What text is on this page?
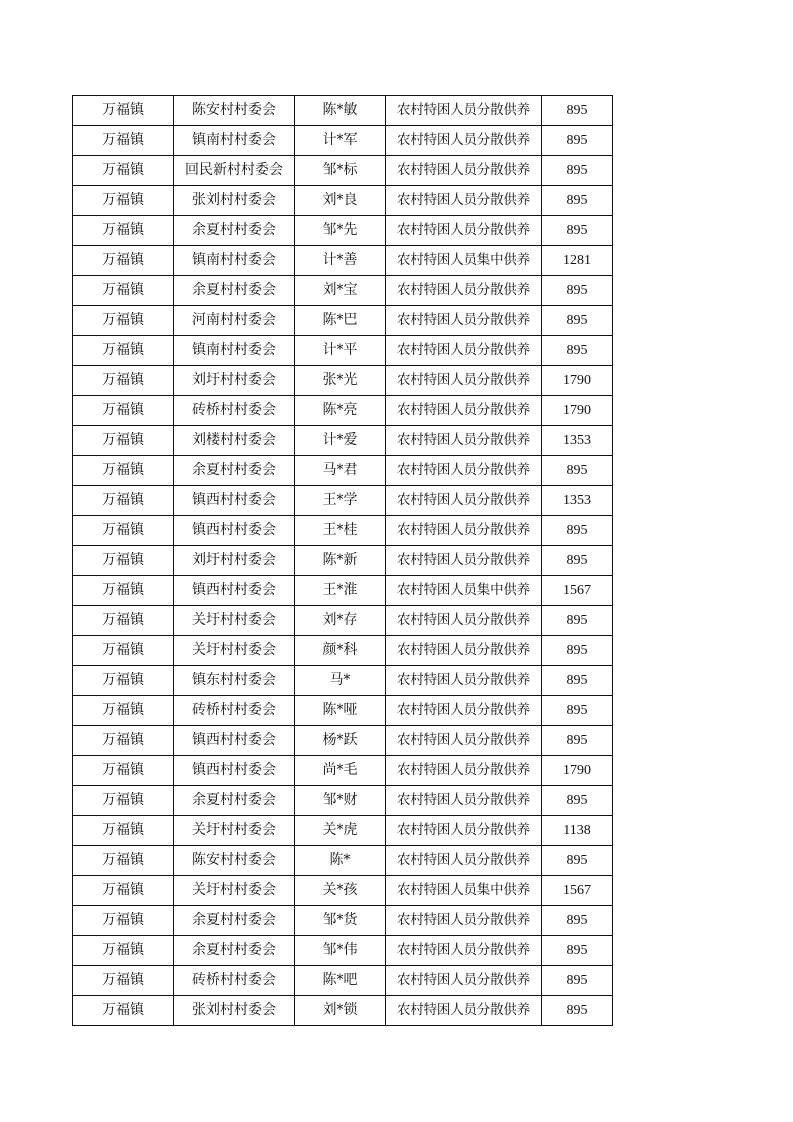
万福镇	陈安村村委会	陈*敏	农村特困人员分散供养	895
万福镇	镇南村村委会	计*军	农村特困人员分散供养	895
万福镇	回民新村村委会	邹*标	农村特困人员分散供养	895
万福镇	张刘村村委会	刘*良	农村特困人员分散供养	895
万福镇	余夏村村委会	邹*先	农村特困人员分散供养	895
万福镇	镇南村村委会	计*善	农村特困人员集中供养	1281
万福镇	余夏村村委会	刘*宝	农村特困人员分散供养	895
万福镇	河南村村委会	陈*巴	农村特困人员分散供养	895
万福镇	镇南村村委会	计*平	农村特困人员分散供养	895
万福镇	刘圩村村委会	张*光	农村特困人员分散供养	1790
万福镇	砖桥村村委会	陈*亮	农村特困人员分散供养	1790
万福镇	刘楼村村委会	计*爱	农村特困人员分散供养	1353
万福镇	余夏村村委会	马*君	农村特困人员分散供养	895
万福镇	镇西村村委会	王*学	农村特困人员分散供养	1353
万福镇	镇西村村委会	王*桂	农村特困人员分散供养	895
万福镇	刘圩村村委会	陈*新	农村特困人员分散供养	895
万福镇	镇西村村委会	王*淮	农村特困人员集中供养	1567
万福镇	关圩村村委会	刘*存	农村特困人员分散供养	895
万福镇	关圩村村委会	颜*科	农村特困人员分散供养	895
万福镇	镇东村村委会	马*	农村特困人员分散供养	895
万福镇	砖桥村村委会	陈*哑	农村特困人员分散供养	895
万福镇	镇西村村委会	杨*跃	农村特困人员分散供养	895
万福镇	镇西村村委会	尚*毛	农村特困人员分散供养	1790
万福镇	余夏村村委会	邹*财	农村特困人员分散供养	895
万福镇	关圩村村委会	关*虎	农村特困人员分散供养	1138
万福镇	陈安村村委会	陈*	农村特困人员分散供养	895
万福镇	关圩村村委会	关*孩	农村特困人员集中供养	1567
万福镇	余夏村村委会	邹*货	农村特困人员分散供养	895
万福镇	余夏村村委会	邹*伟	农村特困人员分散供养	895
万福镇	砖桥村村委会	陈*吧	农村特困人员分散供养	895
万福镇	张刘村村委会	刘*锁	农村特困人员分散供养	895
